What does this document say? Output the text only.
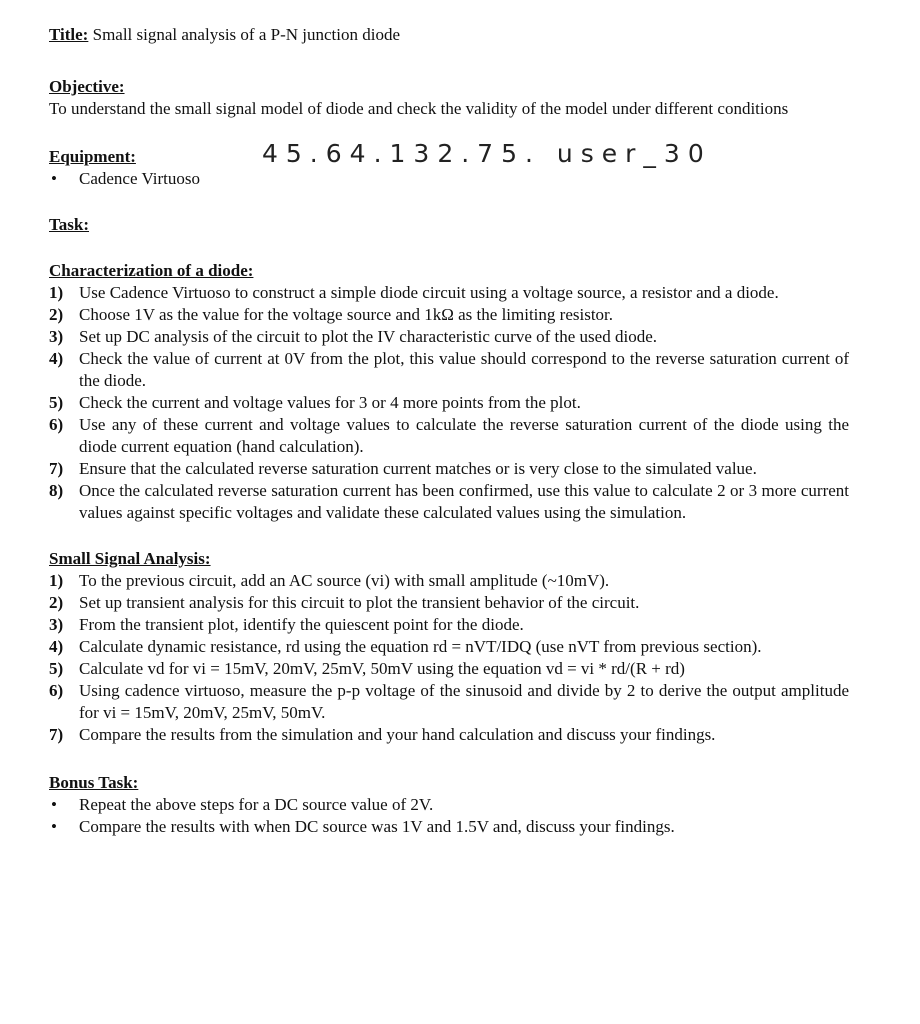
45.64.132.75. user_30

Title: Small signal analysis of a P-N junction diode

Objective:

To understand the small signal model of diode and check the validity of the model under different conditions

Equipment:

• Cadence Virtuoso

Task:

Characterization of a diode:

1) Use Cadence Virtuoso to construct a simple diode circuit using a voltage source, a resistor and a diode.
2) Choose 1V as the value for the voltage source and 1kΩ as the limiting resistor.
3) Set up DC analysis of the circuit to plot the IV characteristic curve of the used diode.
4) Check the value of current at 0V from the plot, this value should correspond to the reverse saturation current of the diode.
5) Check the current and voltage values for 3 or 4 more points from the plot.
6) Use any of these current and voltage values to calculate the reverse saturation current of the diode using the diode current equation (hand calculation).
7) Ensure that the calculated reverse saturation current matches or is very close to the simulated value.
8) Once the calculated reverse saturation current has been confirmed, use this value to calculate 2 or 3 more current values against specific voltages and validate these calculated values using the simulation.

Small Signal Analysis:

1) To the previous circuit, add an AC source (vi) with small amplitude (~10mV).
2) Set up transient analysis for this circuit to plot the transient behavior of the circuit.
3) From the transient plot, identify the quiescent point for the diode.
4) Calculate dynamic resistance, rd using the equation rd = nVT/IDQ (use nVT from previous section).
5) Calculate vd for vi = 15mV, 20mV, 25mV, 50mV using the equation vd = vi * rd/(R + rd)
6) Using cadence virtuoso, measure the p-p voltage of the sinusoid and divide by 2 to derive the output amplitude for vi = 15mV, 20mV, 25mV, 50mV.
7) Compare the results from the simulation and your hand calculation and discuss your findings.

Bonus Task:

• Repeat the above steps for a DC source value of 2V.
• Compare the results with when DC source was 1V and 1.5V and, discuss your findings.
